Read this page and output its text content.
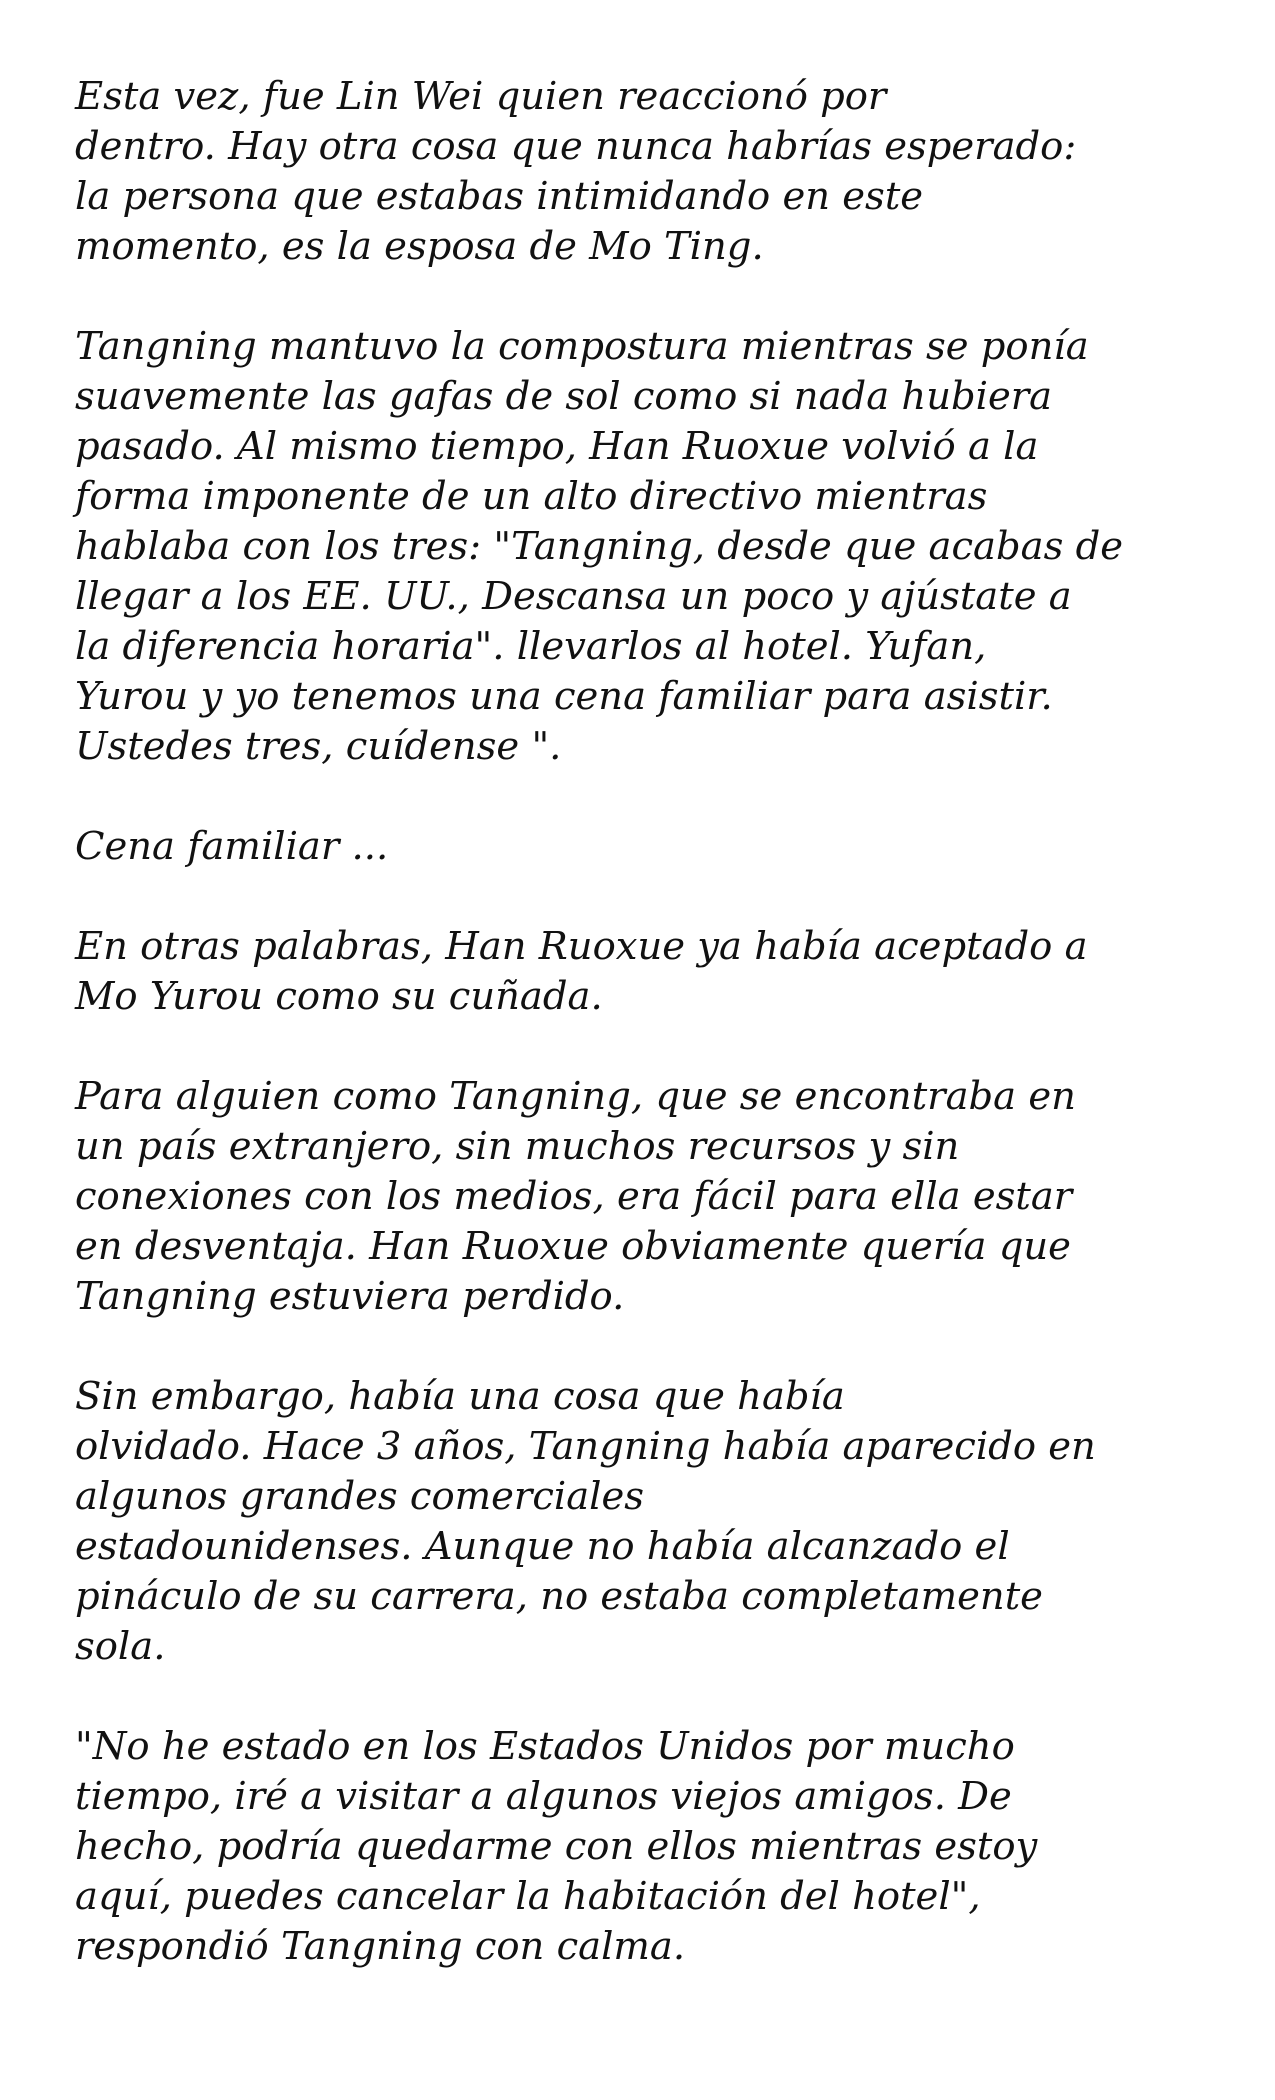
Esta vez, fue Lin Wei quien reaccionó por
dentro. Hay otra cosa que nunca habrías esperado:
la persona que estabas intimidando en este
momento, es la esposa de Mo Ting.
Tangning mantuvo la compostura mientras se ponía
suavemente las gafas de sol como si nada hubiera
pasado. Al mismo tiempo, Han Ruoxue volvió a la
forma imponente de un alto directivo mientras
hablaba con los tres: "Tangning, desde que acabas de
llegar a los EE. UU., Descansa un poco y ajústate a
la diferencia horaria". llevarlos al hotel. Yufan,
Yurou y yo tenemos una cena familiar para asistir.
Ustedes tres, cuídense ".
Cena familiar ...
En otras palabras, Han Ruoxue ya había aceptado a
Mo Yurou como su cuñada.
Para alguien como Tangning, que se encontraba en
un país extranjero, sin muchos recursos y sin
conexiones con los medios, era fácil para ella estar
en desventaja. Han Ruoxue obviamente quería que
Tangning estuviera perdido.
Sin embargo, había una cosa que había
olvidado. Hace 3 años, Tangning había aparecido en
algunos grandes comerciales
estadounidenses. Aunque no había alcanzado el
pináculo de su carrera, no estaba completamente
sola.
"No he estado en los Estados Unidos por mucho
tiempo, iré a visitar a algunos viejos amigos. De
hecho, podría quedarme con ellos mientras estoy
aquí, puedes cancelar la habitación del hotel",
respondió Tangning con calma.
